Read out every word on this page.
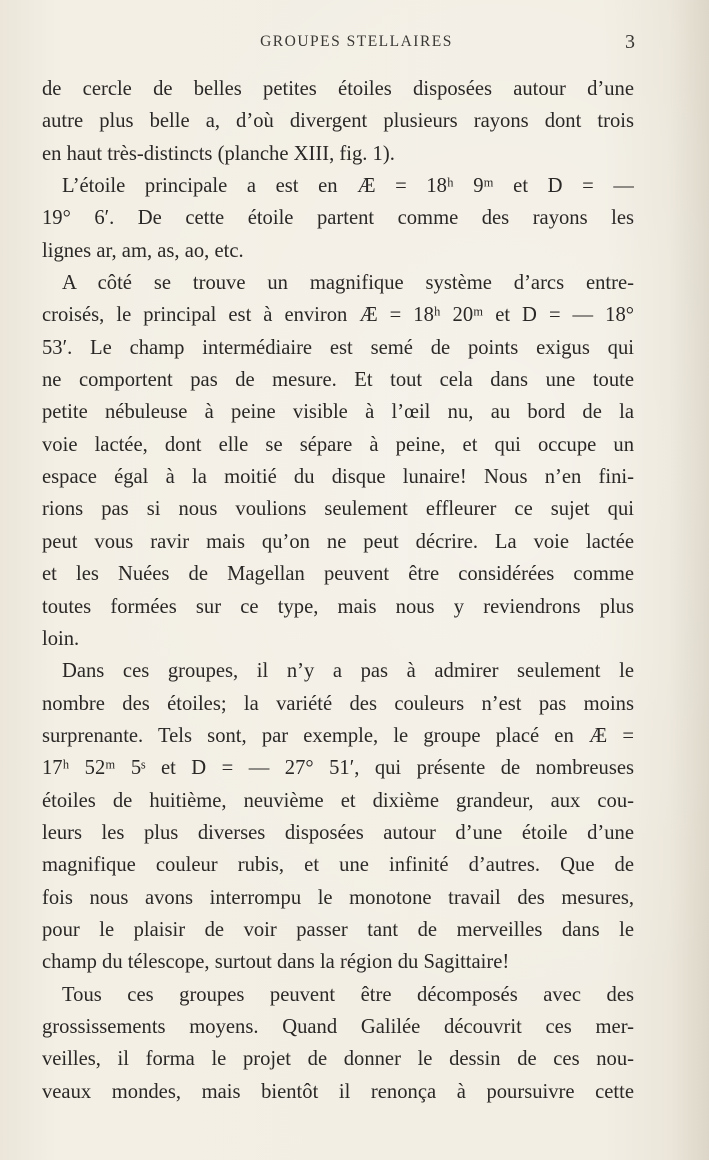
GROUPES STELLAIRES	3
de cercle de belles petites étoiles disposées autour d’une
autre plus belle a, d’où divergent plusieurs rayons dont trois
en haut très-distincts (planche XIII, fig. 1).
L’étoile principale a est en Æ = 18ʰ 9ᵐ et D = —
19° 6′. De cette étoile partent comme des rayons les
lignes ar, am, as, ao, etc.
A côté se trouve un magnifique système d’arcs entre-
croisés, le principal est à environ Æ = 18ʰ 20ᵐ et D = — 18°
53′. Le champ intermédiaire est semé de points exigus qui
ne comportent pas de mesure. Et tout cela dans une toute
petite nébuleuse à peine visible à l’œil nu, au bord de la
voie lactée, dont elle se sépare à peine, et qui occupe un
espace égal à la moitié du disque lunaire! Nous n’en fini-
rions pas si nous voulions seulement effleurer ce sujet qui
peut vous ravir mais qu’on ne peut décrire. La voie lactée
et les Nuées de Magellan peuvent être considérées comme
toutes formées sur ce type, mais nous y reviendrons plus
loin.
Dans ces groupes, il n’y a pas à admirer seulement le
nombre des étoiles; la variété des couleurs n’est pas moins
surprenante. Tels sont, par exemple, le groupe placé en Æ =
17ʰ 52ᵐ 5ˢ et D = — 27° 51′, qui présente de nombreuses
étoiles de huitième, neuvième et dixième grandeur, aux cou-
leurs les plus diverses disposées autour d’une étoile d’une
magnifique couleur rubis, et une infinité d’autres. Que de
fois nous avons interrompu le monotone travail des mesures,
pour le plaisir de voir passer tant de merveilles dans le
champ du télescope, surtout dans la région du Sagittaire!
Tous ces groupes peuvent être décomposés avec des
grossissements moyens. Quand Galilée découvrit ces mer-
veilles, il forma le projet de donner le dessin de ces nou-
veaux mondes, mais bientôt il renonça à poursuivre cette
